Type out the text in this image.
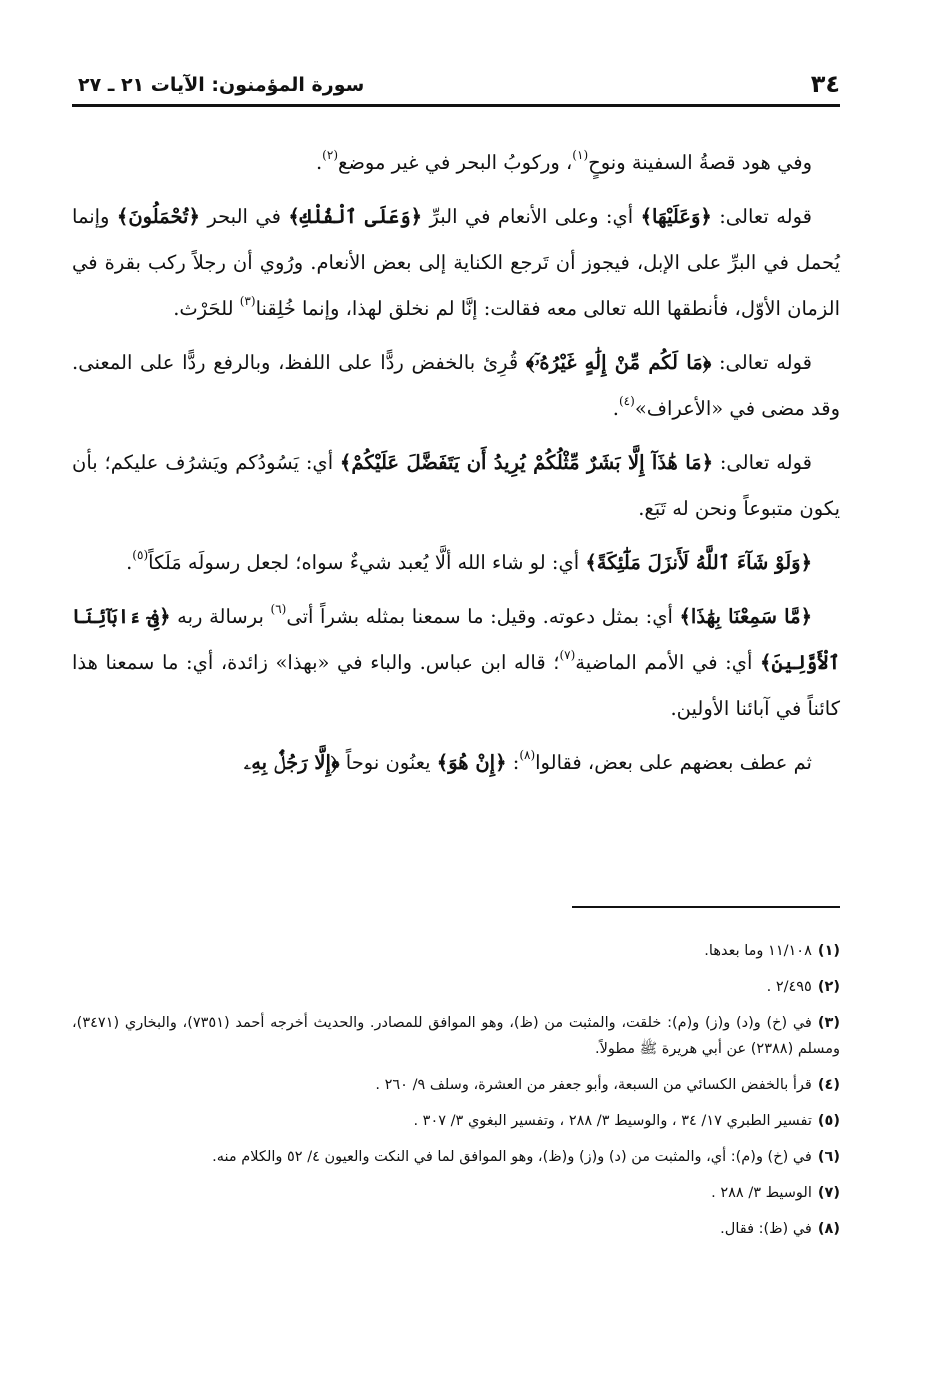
٣٤
سورة المؤمنون: الآيات ٢١ ـ ٢٧

وفي هود قصةُ السفينة ونوحٍ$^{(١)}$، وركوبُ البحر في غير موضع$^{(٢)}$.

قوله تعالى: ﴿وَعَلَيْهَا﴾ أي: وعلى الأنعام في البرِّ ﴿وَعَلَى ٱلْفُلْكِ﴾ في البحر ﴿تُحْمَلُونَ﴾ وإنما يُحمل في البرِّ على الإبل، فيجوز أن تَرجع الكناية إلى بعض الأنعام. ورُوي أن رجلاً ركب بقرة في الزمان الأوّل، فأنطقها الله تعالى معه فقالت: إنَّا لم نخلق لهذا، وإنما خُلِقنا$^{(٣)}$ للحَرْث.

قوله تعالى: ﴿مَا لَكُم مِّنْ إِلَٰهٍ غَيْرُهُۥٓ﴾ قُرِئ بالخفض ردًّا على اللفظ، وبالرفع ردًّا على المعنى. وقد مضى في «الأعراف»$^{(٤)}$.

قوله تعالى: ﴿مَا هَٰذَآ إِلَّا بَشَرٌ مِّثْلُكُمْ يُرِيدُ أَن يَتَفَضَّلَ عَلَيْكُمْ﴾ أي: يَسُودُكم ويَشرُف عليكم؛ بأن يكون متبوعاً ونحن له تَبَع.

﴿وَلَوْ شَآءَ ٱللَّهُ لَأَنزَلَ مَلَٰٓئِكَةً﴾ أي: لو شاء الله ألَّا يُعبد شيءٌ سواه؛ لجعل رسولَه مَلَكاً$^{(٥)}$.

﴿مَّا سَمِعْنَا بِهَٰذَا﴾ أي: بمثل دعوته. وقيل: ما سمعنا بمثله بشراً أتى$^{(٦)}$ برسالة ربه ﴿فِىٓ ءَابَآئِنَا ٱلْأَوَّلِينَ﴾ أي: في الأمم الماضية$^{(٧)}$؛ قاله ابن عباس. والباء في «بهذا» زائدة، أي: ما سمعنا هذا كائناً في آبائنا الأولين.

ثم عطف بعضهم على بعض، فقالوا$^{(٨)}$: ﴿إِنْ هُوَ﴾ يعنُون نوحاً ﴿إِلَّا رَجُلٌۢ بِهِۦ

(١)١١/١٠٨ وما بعدها.

(٢)٢/٤٩٥ .

(٣)في (خ) و(د) و(ز) و(م): خلقت، والمثبت من (ظ)، وهو الموافق للمصادر. والحديث أخرجه أحمد (٧٣٥١)، والبخاري (٣٤٧١)، ومسلم (٢٣٨٨) عن أبي هريرة ﷺ مطولاً.

(٤)قرأ بالخفض الكسائي من السبعة، وأبو جعفر من العشرة، وسلف ٩/ ٢٦٠ .

(٥)تفسير الطبري ١٧/ ٣٤ ، والوسيط ٣/ ٢٨٨ ، وتفسير البغوي ٣/ ٣٠٧ .

(٦)في (خ) و(م): أي، والمثبت من (د) و(ز) و(ظ)، وهو الموافق لما في النكت والعيون ٤/ ٥٢ والكلام منه.

(٧)الوسيط ٣/ ٢٨٨ .

(٨)في (ظ): فقال.
